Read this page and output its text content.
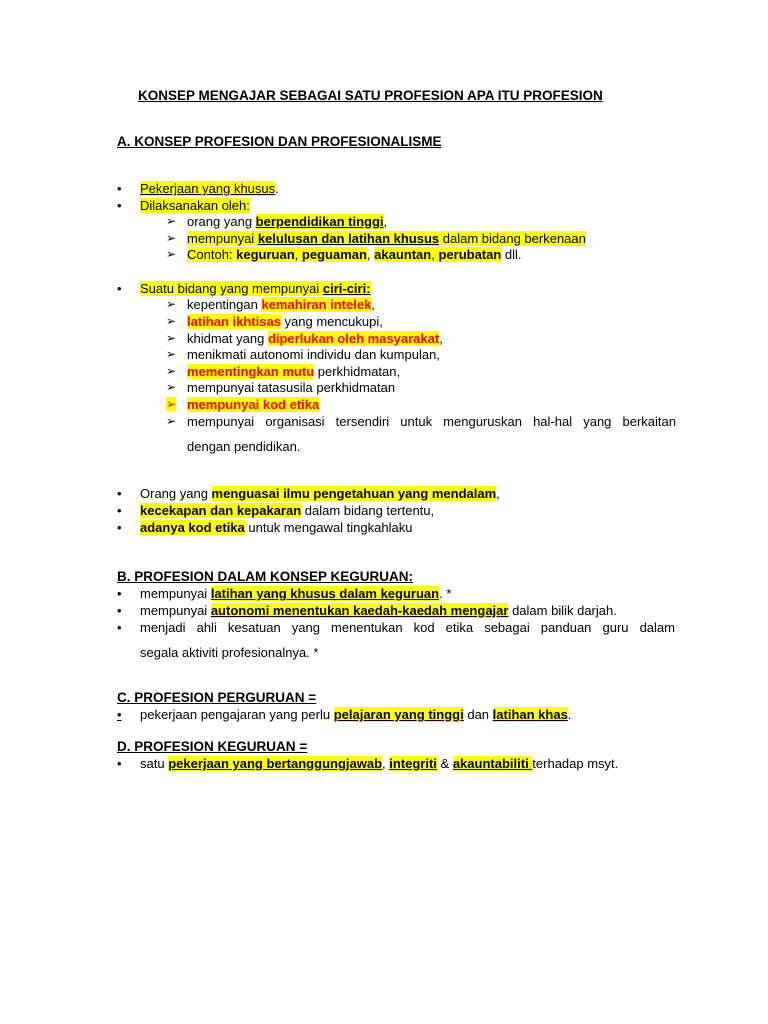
KONSEP MENGAJAR SEBAGAI SATU PROFESION APA ITU PROFESION
A. KONSEP PROFESION DAN PROFESIONALISME
• Pekerjaan yang khusus.
• Dilaksanakan oleh:
➢ orang yang berpendidikan tinggi,
➢ mempunyai kelulusan dan latihan khusus dalam bidang berkenaan
➢ Contoh: keguruan, peguaman, akauntan, perubatan dll.
• Suatu bidang yang mempunyai ciri-ciri:
➢ kepentingan kemahiran intelek,
➢ latihan ikhtisas yang mencukupi,
➢ khidmat yang diperlukan oleh masyarakat,
➢ menikmati autonomi individu dan kumpulan,
➢ mementingkan mutu perkhidmatan,
➢ mempunyai tatasusila perkhidmatan
➢ mempunyai kod etika
➢ mempunyai organisasi tersendiri untuk menguruskan hal-hal yang berkaitan
dengan pendidikan.
• Orang yang menguasai ilmu pengetahuan yang mendalam,
• kecekapan dan kepakaran dalam bidang tertentu,
• adanya kod etika untuk mengawal tingkahlaku
B. PROFESION DALAM KONSEP KEGURUAN:
• mempunyai latihan yang khusus dalam keguruan. *
• mempunyai autonomi menentukan kaedah-kaedah mengajar dalam bilik darjah.
• menjadi ahli kesatuan yang menentukan kod etika sebagai panduan guru dalam
segala aktiviti profesionalnya. *
C. PROFESION PERGURUAN =
• pekerjaan pengajaran yang perlu pelajaran yang tinggi dan latihan khas.
D. PROFESION KEGURUAN =
• satu pekerjaan yang bertanggungjawab, integriti & akauntabiliti terhadap msyt.
